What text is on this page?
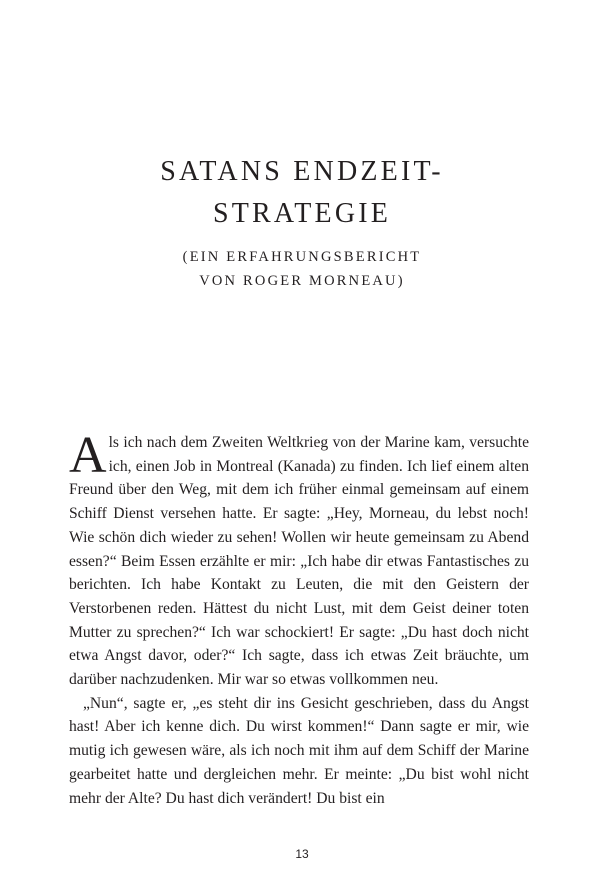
SATANS ENDZEIT-
STRATEGIE
(EIN ERFAHRUNGSBERICHT
VON ROGER MORNEAU)

Als ich nach dem Zweiten Weltkrieg von der Marine kam, versuchte ich, einen Job in Montreal (Kanada) zu finden. Ich lief einem alten Freund über den Weg, mit dem ich früher einmal gemeinsam auf einem Schiff Dienst versehen hatte. Er sagte: „Hey, Morneau, du lebst noch! Wie schön dich wieder zu sehen! Wollen wir heute gemeinsam zu Abend essen?“ Beim Essen erzählte er mir: „Ich habe dir etwas Fantastisches zu berichten. Ich habe Kontakt zu Leuten, die mit den Geistern der Verstorbenen reden. Hättest du nicht Lust, mit dem Geist deiner toten Mutter zu sprechen?“ Ich war schockiert! Er sagte: „Du hast doch nicht etwa Angst davor, oder?“ Ich sagte, dass ich etwas Zeit bräuchte, um darüber nachzudenken. Mir war so etwas vollkommen neu.

„Nun“, sagte er, „es steht dir ins Gesicht geschrieben, dass du Angst hast! Aber ich kenne dich. Du wirst kommen!“ Dann sagte er mir, wie mutig ich gewesen wäre, als ich noch mit ihm auf dem Schiff der Marine gearbeitet hatte und dergleichen mehr. Er meinte: „Du bist wohl nicht mehr der Alte? Du hast dich verändert! Du bist ein

13
